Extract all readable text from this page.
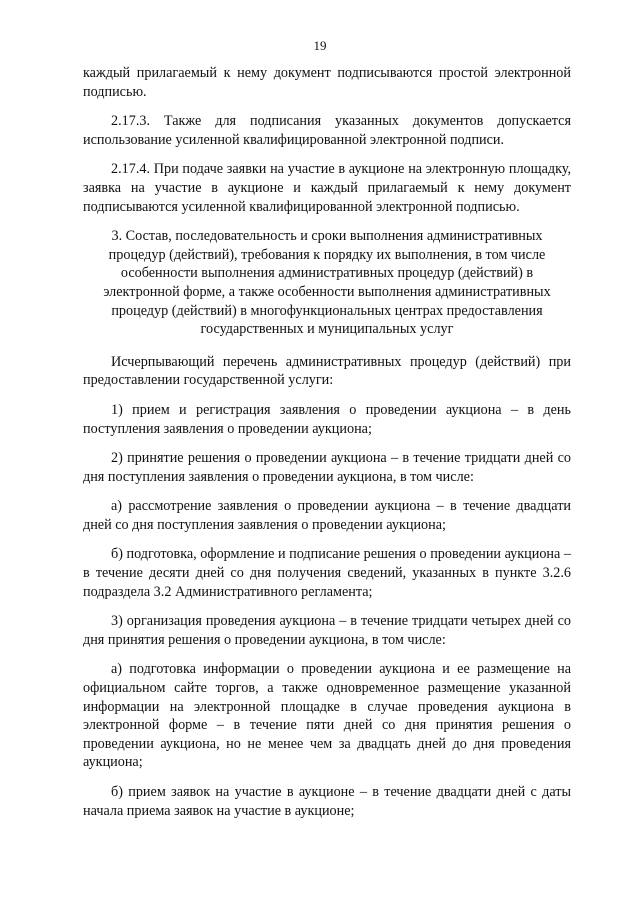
19

каждый прилагаемый к нему документ подписываются простой электронной подписью.

2.17.3. Также для подписания указанных документов допускается использование усиленной квалифицированной электронной подписи.

2.17.4. При подаче заявки на участие в аукционе на электронную площадку, заявка на участие в аукционе и каждый прилагаемый к нему документ подписываются усиленной квалифицированной электронной подписью.

3. Состав, последовательность и сроки выполнения административных процедур (действий), требования к порядку их выполнения, в том числе особенности выполнения административных процедур (действий) в электронной форме, а также особенности выполнения административных процедур (действий) в многофункциональных центрах предоставления государственных и муниципальных услуг

Исчерпывающий перечень административных процедур (действий) при предоставлении государственной услуги:

1) прием и регистрация заявления о проведении аукциона – в день поступления заявления о проведении аукциона;

2) принятие решения о проведении аукциона – в течение тридцати дней со дня поступления заявления о проведении аукциона, в том числе:

а) рассмотрение заявления о проведении аукциона – в течение двадцати дней со дня поступления заявления о проведении аукциона;

б) подготовка, оформление и подписание решения о проведении аукциона – в течение десяти дней со дня получения сведений, указанных в пункте 3.2.6 подраздела 3.2 Административного регламента;

3) организация проведения аукциона – в течение тридцати четырех дней со дня принятия решения о проведении аукциона, в том числе:

а) подготовка информации о проведении аукциона и ее размещение на официальном сайте торгов, а также одновременное размещение указанной информации на электронной площадке в случае проведения аукциона в электронной форме – в течение пяти дней со дня принятия решения о проведении аукциона, но не менее чем за двадцать дней до дня проведения аукциона;

б) прием заявок на участие в аукционе – в течение двадцати дней с даты начала приема заявок на участие в аукционе;
